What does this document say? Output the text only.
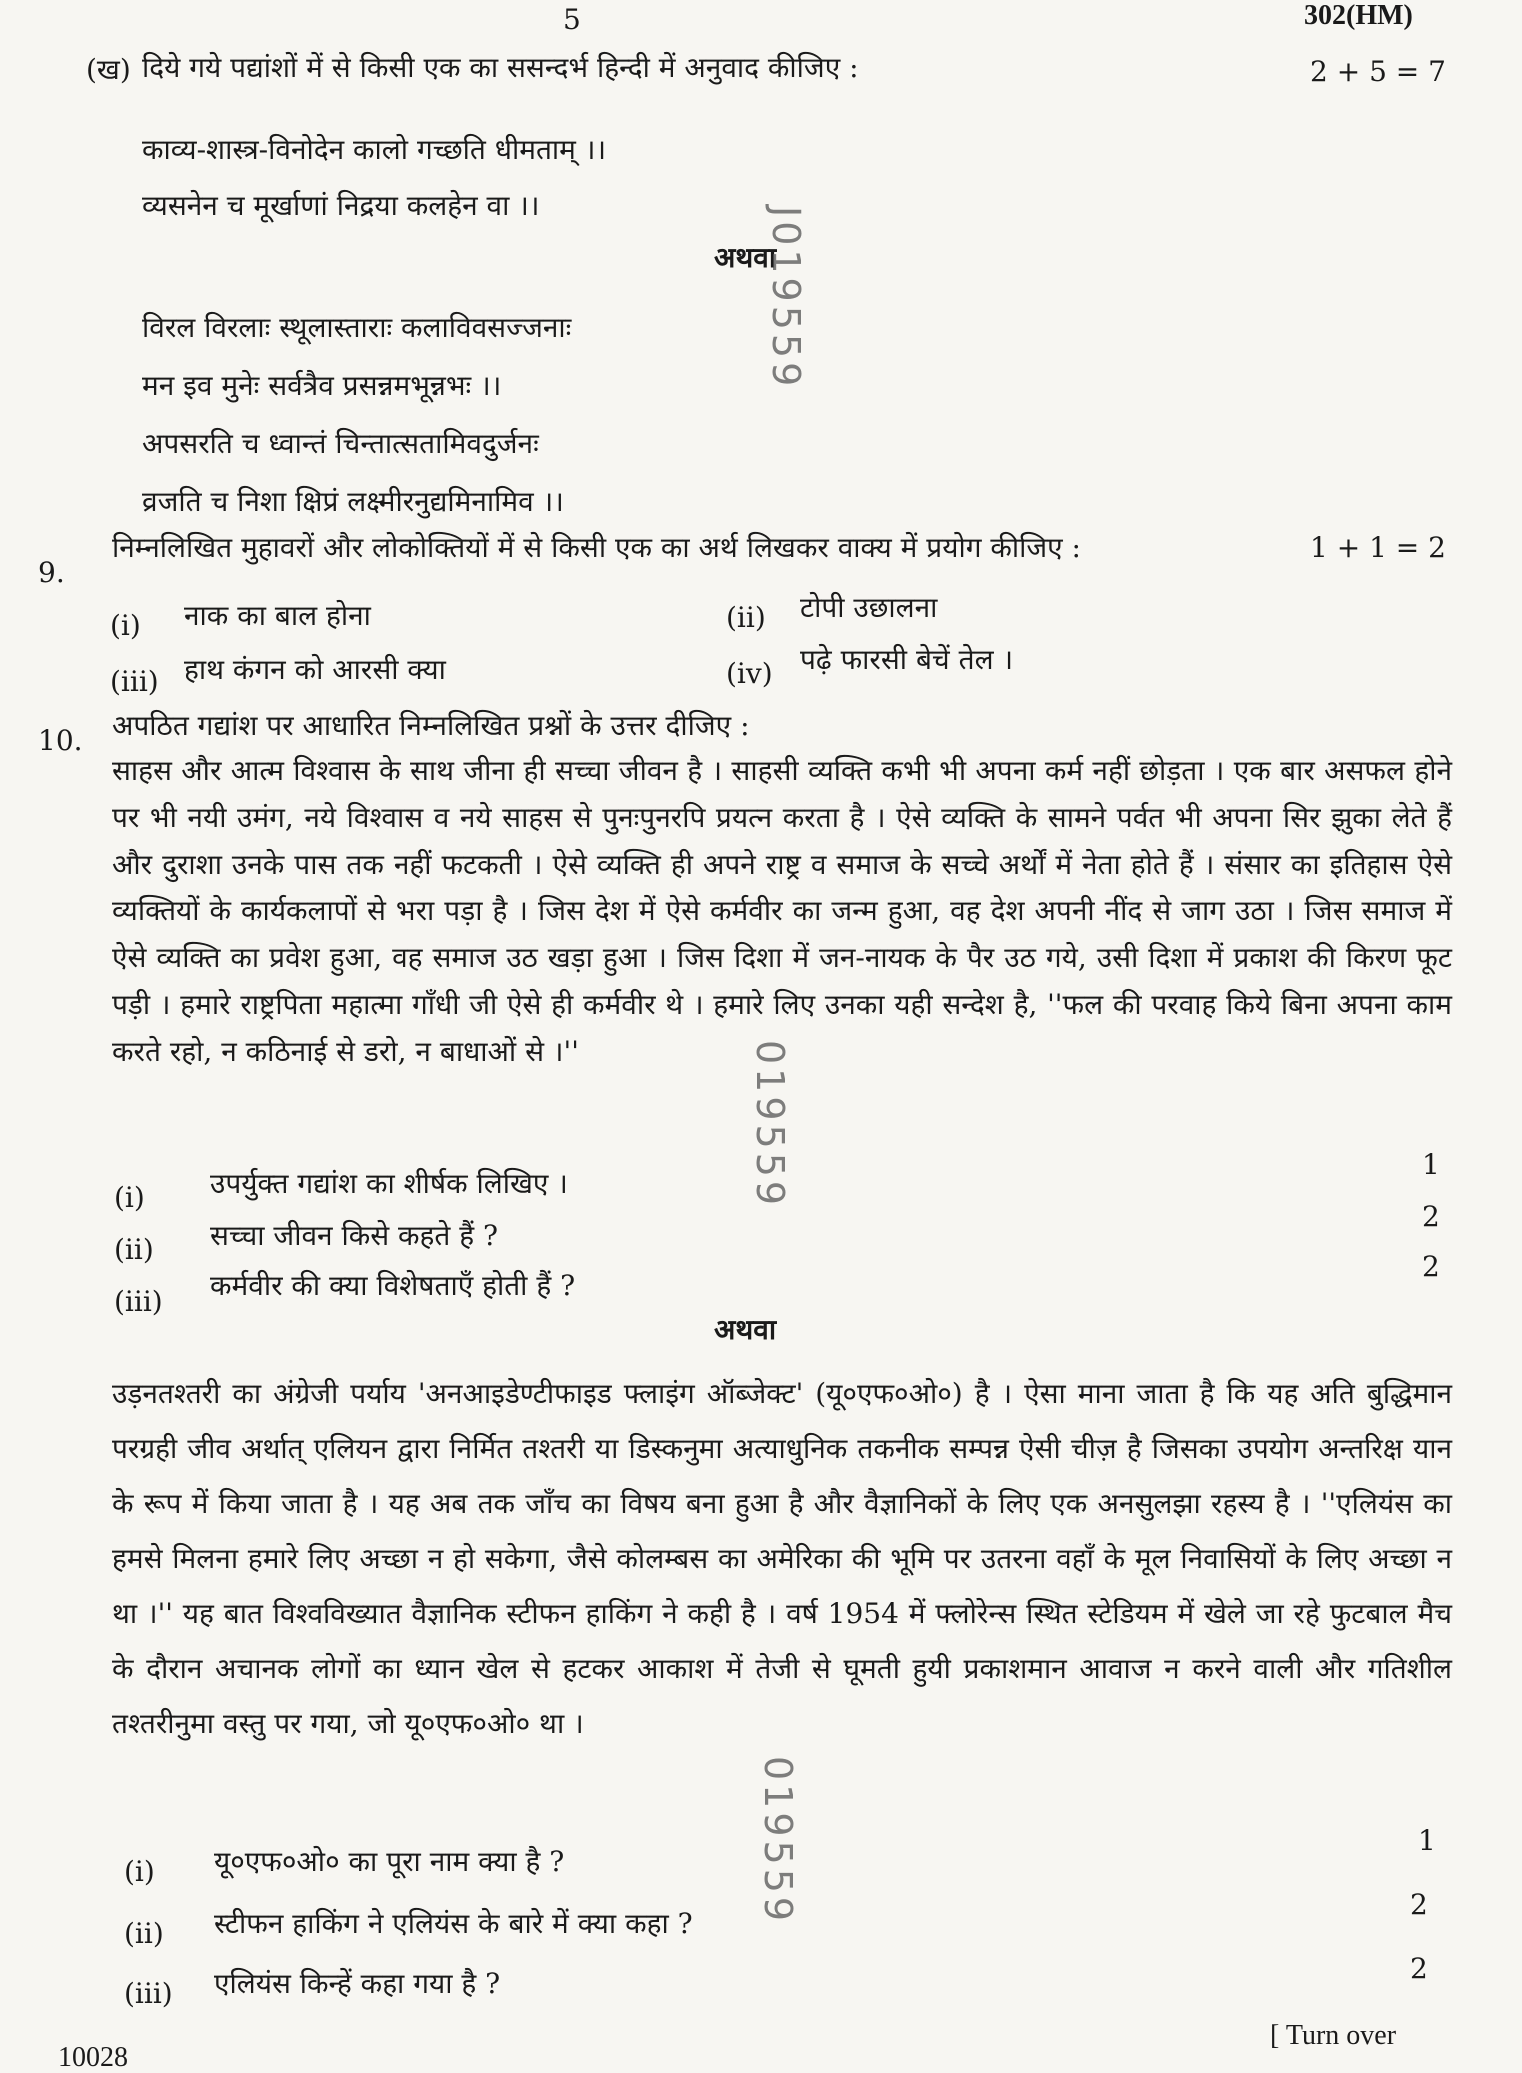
5	302(HM)
(ख) दिये गये पद्यांशों में से किसी एक का ससन्दर्भ हिन्दी में अनुवाद कीजिए :	2 + 5 = 7
काव्य-शास्त्र-विनोदेन कालो गच्छति धीमताम् ।।
व्यसनेन च मूर्खाणां निद्रया कलहेन वा ।।
अथवा
विरल विरलाः स्थूलास्ताराः कलाविवसज्जनाः
मन इव मुनेः सर्वत्रैव प्रसन्नमभून्नभः ।।
अपसरति च ध्वान्तं चिन्तात्सतामिवदुर्जनः
व्रजति च निशा क्षिप्रं लक्ष्मीरनुद्यमिनामिव ।।
9.
निम्नलिखित मुहावरों और लोकोक्तियों में से किसी एक का अर्थ लिखकर वाक्य में प्रयोग कीजिए :	1 + 1 = 2
(i) नाक का बाल होना	(ii) टोपी उछालना
(iii) हाथ कंगन को आरसी क्या	(iv) पढ़े फारसी बेचें तेल ।
10. अपठित गद्यांश पर आधारित निम्नलिखित प्रश्नों के उत्तर दीजिए :

साहस और आत्म विश्वास के साथ जीना ही सच्चा जीवन है । साहसी व्यक्ति कभी भी अपना कर्म नहीं छोड़ता । एक बार असफल होने पर भी नयी उमंग, नये विश्वास व नये साहस से पुनःपुनरपि प्रयत्न करता है । ऐसे व्यक्ति के सामने पर्वत भी अपना सिर झुका लेते हैं और दुराशा उनके पास तक नहीं फटकती । ऐसे व्यक्ति ही अपने राष्ट्र व समाज के सच्चे अर्थों में नेता होते हैं । संसार का इतिहास ऐसे व्यक्तियों के कार्यकलापों से भरा पड़ा है । जिस देश में ऐसे कर्मवीर का जन्म हुआ, वह देश अपनी नींद से जाग उठा । जिस समाज में ऐसे व्यक्ति का प्रवेश हुआ, वह समाज उठ खड़ा हुआ । जिस दिशा में जन-नायक के पैर उठ गये, उसी दिशा में प्रकाश की किरण फूट पड़ी । हमारे राष्ट्रपिता महात्मा गाँधी जी ऐसे ही कर्मवीर थे । हमारे लिए उनका यही सन्देश है, ''फल की परवाह किये बिना अपना काम करते रहो, न कठिनाई से डरो, न बाधाओं से ।''

(i) उपर्युक्त गद्यांश का शीर्षक लिखिए ।
1
(ii) सच्चा जीवन किसे कहते हैं ?
2
(iii) कर्मवीर की क्या विशेषताएँ होती हैं ?
2
अथवा

उड़नतश्तरी का अंग्रेजी पर्याय 'अनआइडेण्टीफाइड फ्लाइंग ऑब्जेक्ट' (यू०एफ०ओ०) है । ऐसा माना जाता है कि यह अति बुद्धिमान परग्रही जीव अर्थात् एलियन द्वारा निर्मित तश्तरी या डिस्कनुमा अत्याधुनिक तकनीक सम्पन्न ऐसी चीज़ है जिसका उपयोग अन्तरिक्ष यान के रूप में किया जाता है । यह अब तक जाँच का विषय बना हुआ है और वैज्ञानिकों के लिए एक अनसुलझा रहस्य है । ''एलियंस का हमसे मिलना हमारे लिए अच्छा न हो सकेगा, जैसे कोलम्बस का अमेरिका की भूमि पर उतरना वहाँ के मूल निवासियों के लिए अच्छा न था ।'' यह बात विश्वविख्यात वैज्ञानिक स्टीफन हाकिंग ने कही है । वर्ष 1954 में फ्लोरेन्स स्थित स्टेडियम में खेले जा रहे फुटबाल मैच के दौरान अचानक लोगों का ध्यान खेल से हटकर आकाश में तेजी से घूमती हुयी प्रकाशमान आवाज न करने वाली और गतिशील तश्तरीनुमा वस्तु पर गया, जो यू०एफ०ओ० था ।

(i) यू०एफ०ओ० का पूरा नाम क्या है ?
1
(ii) स्टीफन हाकिंग ने एलियंस के बारे में क्या कहा ?
2
(iii) एलियंस किन्हें कहा गया है ?	2
10028
[ Turn over
J019559
019559
019559
